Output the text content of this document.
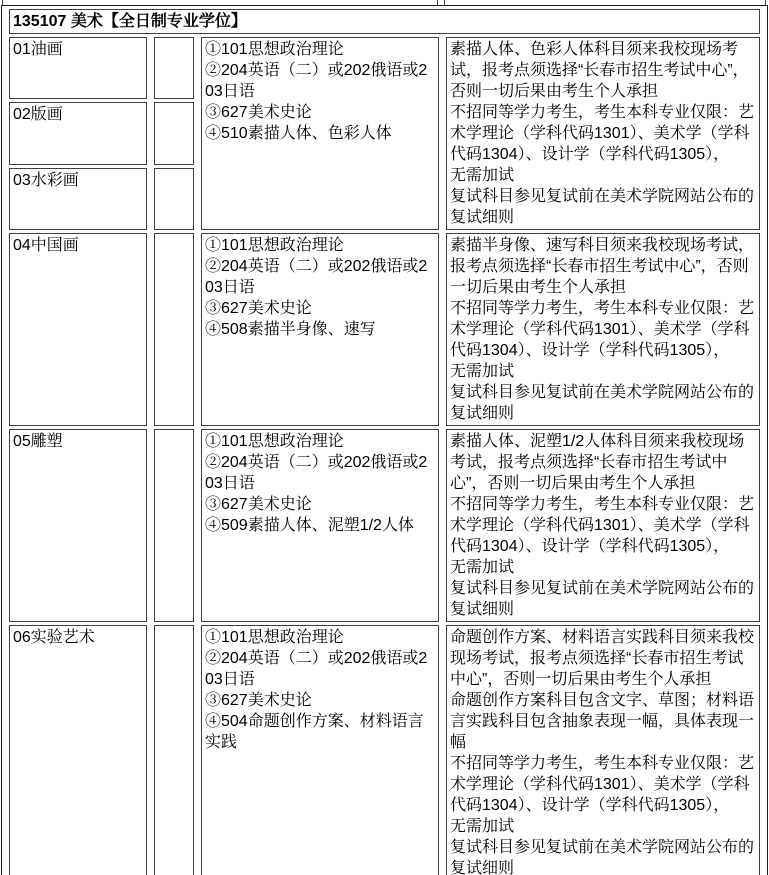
135107 美术【全日制专业学位】			
01油画		①101思想政治理论
②204英语（二）或202俄语或203日语
③627美术史论
④510素描人体、色彩人体

素描人体、色彩人体科目须来我校现场考试，报考点须选择“长春市招生考试中心”，否则一切后果由考生个人承担
不招同等学力考生，考生本科专业仅限：艺术学理论（学科代码1301）、美术学（学科代码1304）、设计学（学科代码1305），
无需加试
复试科目参见复试前在美术学院网站公布的复试细则

02版画			
03水彩画			
04中国画		①101思想政治理论
②204英语（二）或202俄语或203日语
③627美术史论
④508素描半身像、速写

素描半身像、速写科目须来我校现场考试，报考点须选择“长春市招生考试中心”，否则一切后果由考生个人承担
不招同等学力考生，考生本科专业仅限：艺术学理论（学科代码1301）、美术学（学科代码1304）、设计学（学科代码1305），
无需加试
复试科目参见复试前在美术学院网站公布的复试细则

05雕塑		①101思想政治理论
②204英语（二）或202俄语或203日语
③627美术史论
④509素描人体、泥塑1/2人体

素描人体、泥塑1/2人体科目须来我校现场考试，报考点须选择“长春市招生考试中心”，否则一切后果由考生个人承担
不招同等学力考生，考生本科专业仅限：艺术学理论（学科代码1301）、美术学（学科代码1304）、设计学（学科代码1305），
无需加试
复试科目参见复试前在美术学院网站公布的复试细则

06实验艺术		①101思想政治理论
②204英语（二）或202俄语或203日语
③627美术史论
④504命题创作方案、材料语言实践

命题创作方案、材料语言实践科目须来我校现场考试，报考点须选择“长春市招生考试中心”，否则一切后果由考生个人承担
命题创作方案科目包含文字、草图；材料语言实践科目包含抽象表现一幅，具体表现一幅
不招同等学力考生，考生本科专业仅限：艺术学理论（学科代码1301）、美术学（学科代码1304）、设计学（学科代码1305），
无需加试
复试科目参见复试前在美术学院网站公布的复试细则
